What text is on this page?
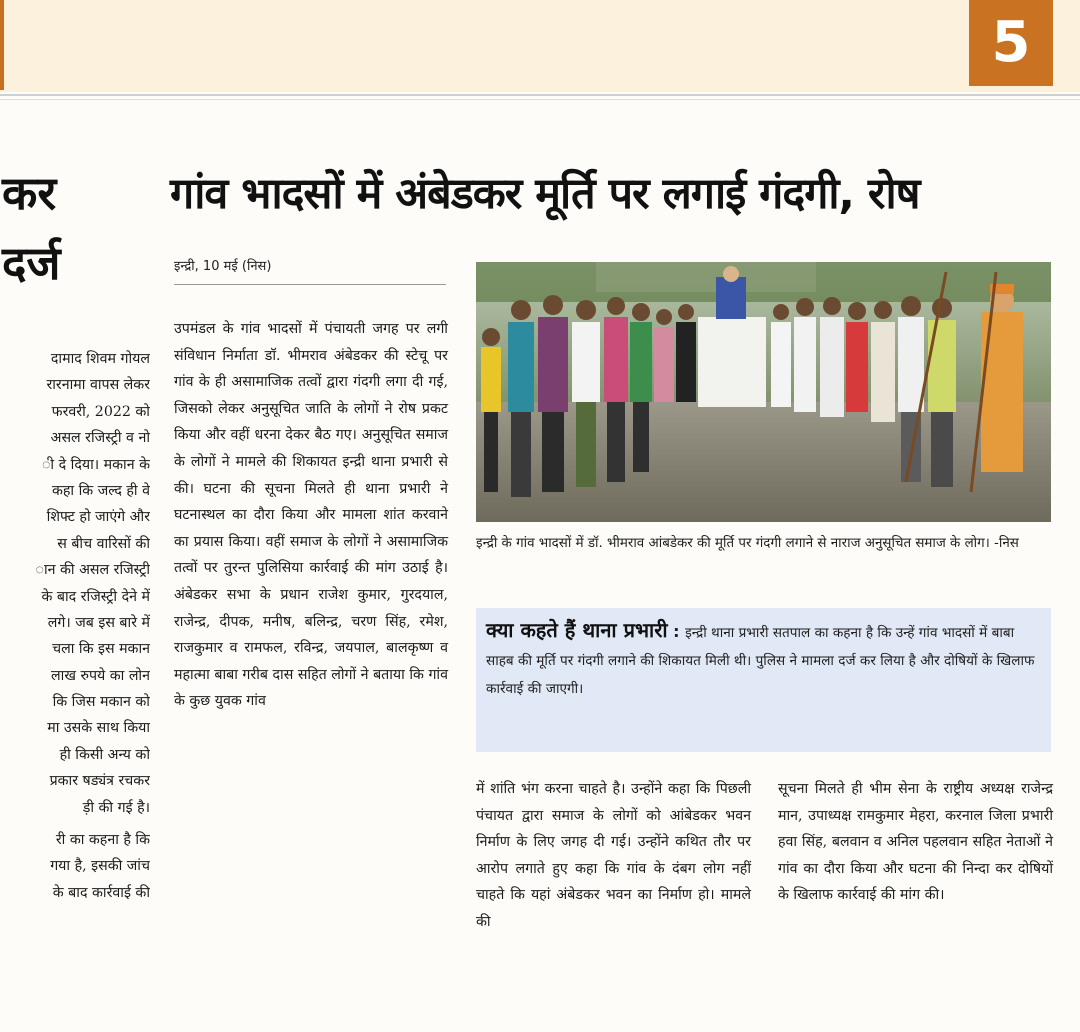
5
कर
दर्ज
दामाद शिवम गोयल
रारनामा वापस लेकर
फरवरी, 2022 को
असल रजिस्ट्री व नो
ी दे दिया। मकान के
कहा कि जल्द ही वे
शिफ्ट हो जाएंगे और
स बीच वारिसों की
ान की असल रजिस्ट्री
के बाद रजिस्ट्री देने में
लगे। जब इस बारे में
चला कि इस मकान
लाख रुपये का लोन
कि जिस मकान को
मा उसके साथ किया
ही किसी अन्य को
प्रकार षड्यंत्र रचकर
ड़ी की गई है।
री का कहना है कि
गया है, इसकी जांच
के बाद कार्रवाई की
गांव भादसों में अंबेडकर मूर्ति पर लगाई गंदगी, रोष
इन्द्री, 10 मई (निस)
उपमंडल के गांव भादसों में पंचायती जगह पर लगी संविधान निर्माता डॉ. भीमराव अंबेडकर की स्टेचू पर गांव के ही असामाजिक तत्वों द्वारा गंदगी लगा दी गई, जिसको लेकर अनुसूचित जाति के लोगों ने रोष प्रकट किया और वहीं धरना देकर बैठ गए। अनुसूचित समाज के लोगों ने मामले की शिकायत इन्द्री थाना प्रभारी से की। घटना की सूचना मिलते ही थाना प्रभारी ने घटनास्थल का दौरा किया और मामला शांत करवाने का प्रयास किया। वहीं समाज के लोगों ने असामाजिक तत्वों पर तुरन्त पुलिसिया कार्रवाई की मांग उठाई है। अंबेडकर सभा के प्रधान राजेश कुमार, गुरदयाल, राजेन्द्र, दीपक, मनीष, बलिन्द्र, चरण सिंह, रमेश, राजकुमार व रामफल, रविन्द्र, जयपाल, बालकृष्ण व महात्मा बाबा गरीब दास सहित लोगों ने बताया कि गांव के कुछ युवक गांव
इन्द्री के गांव भादसों में डॉ. भीमराव आंबडेकर की मूर्ति पर गंदगी लगाने से नाराज अनुसूचित समाज के लोग। -निस
क्या कहते हैं थाना प्रभारी : इन्द्री थाना प्रभारी सतपाल का कहना है कि उन्हें गांव भादसों में बाबा साहब की मूर्ति पर गंदगी लगाने की शिकायत मिली थी। पुलिस ने मामला दर्ज कर लिया है और दोषियों के खिलाफ कार्रवाई की जाएगी।
में शांति भंग करना चाहते है। उन्होंने कहा कि पिछली पंचायत द्वारा समाज के लोगों को आंबेडकर भवन निर्माण के लिए जगह दी गई। उन्होंने कथित तौर पर आरोप लगाते हुए कहा कि गांव के दंबग लोग नहीं चाहते कि यहां अंबेडकर भवन का निर्माण हो। मामले की
सूचना मिलते ही भीम सेना के राष्ट्रीय अध्यक्ष राजेन्द्र मान, उपाध्यक्ष रामकुमार मेहरा, करनाल जिला प्रभारी हवा सिंह, बलवान व अनिल पहलवान सहित नेताओं ने गांव का दौरा किया और घटना की निन्दा कर दोषियों के खिलाफ कार्रवाई की मांग की।
